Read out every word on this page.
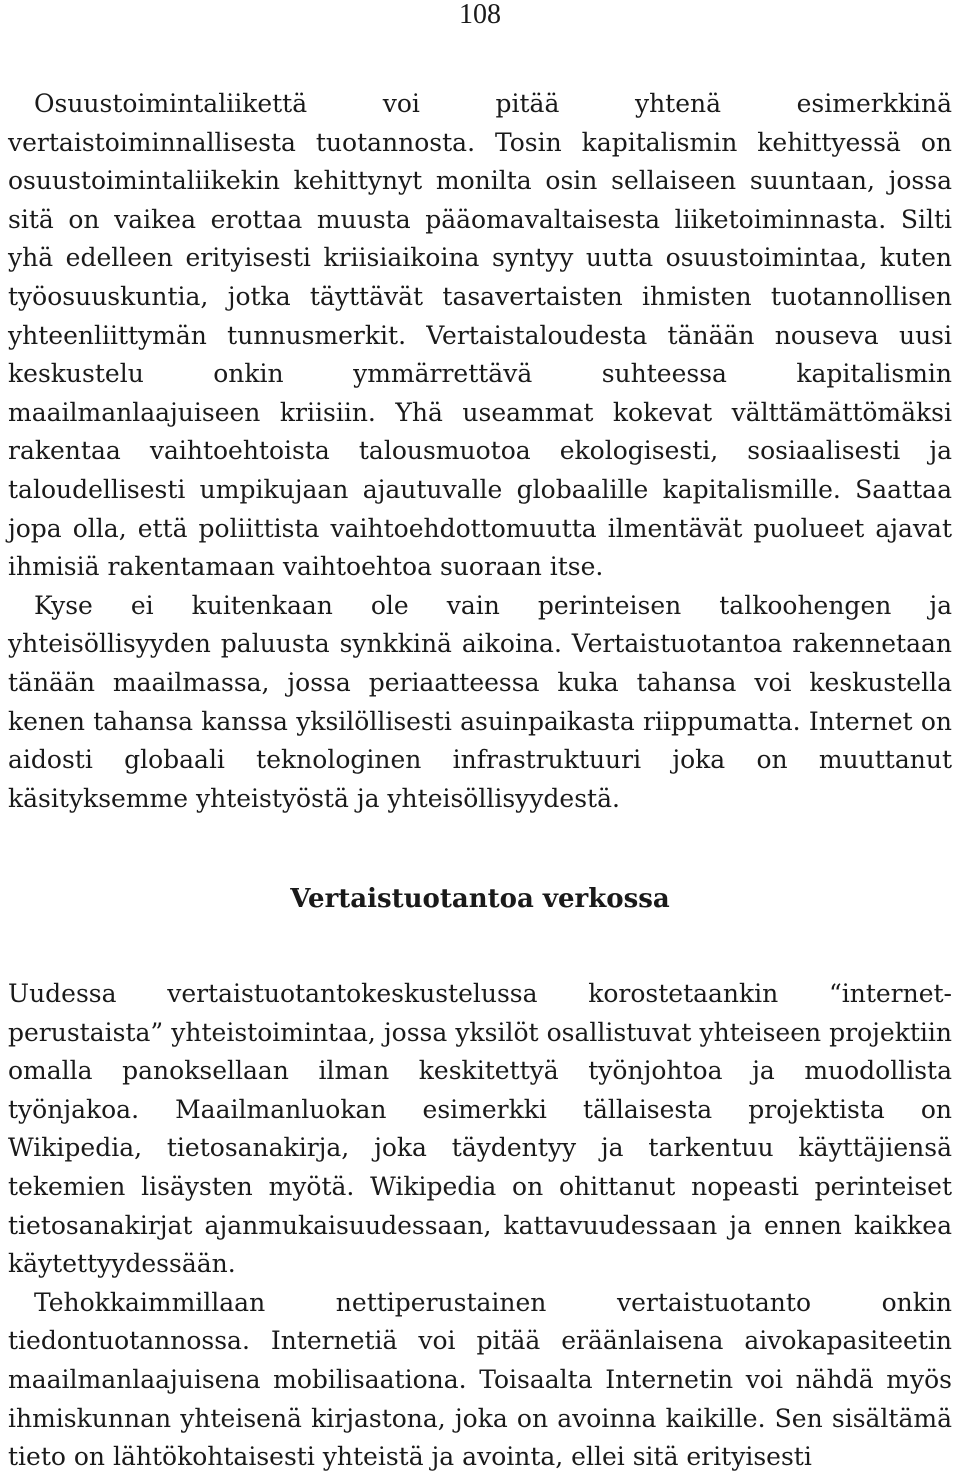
108

Osuustoimintaliikettä voi pitää yhtenä esimerkkinä vertaistoiminnallisesta tuotannosta. Tosin kapitalismin kehittyessä on osuustoimintaliikekin kehittynyt monilta osin sellaiseen suuntaan, jossa sitä on vaikea erottaa muusta pääomavaltaisesta liiketoiminnasta. Silti yhä edelleen erityisesti kriisiaikoina syntyy uutta osuustoimintaa, kuten työosuuskuntia, jotka täyttävät tasavertaisten ihmisten tuotannollisen yhteenliittymän tunnusmerkit. Vertaistaloudesta tänään nouseva uusi keskustelu onkin ymmärrettävä suhteessa kapitalismin maailmanlaajuiseen kriisiin. Yhä useammat kokevat välttämättömäksi rakentaa vaihtoehtoista talousmuotoa ekologisesti, sosiaalisesti ja taloudellisesti umpikujaan ajautuvalle globaalille kapitalismille. Saattaa jopa olla, että poliittista vaihtoehdottomuutta ilmentävät puolueet ajavat ihmisiä rakentamaan vaihtoehtoa suoraan itse.

Kyse ei kuitenkaan ole vain perinteisen talkoohengen ja yhteisöllisyyden paluusta synkkinä aikoina. Vertaistuotantoa rakennetaan tänään maailmassa, jossa periaatteessa kuka tahansa voi keskustella kenen tahansa kanssa yksilöllisesti asuinpaikasta riippumatta. Internet on aidosti globaali teknologinen infrastruktuuri joka on muuttanut käsityksemme yhteistyöstä ja yhteisöllisyydestä.

Vertaistuotantoa verkossa

Uudessa vertaistuotantokeskustelussa korostetaankin “internet-perustaista” yhteistoimintaa, jossa yksilöt osallistuvat yhteiseen projektiin omalla panoksellaan ilman keskitettyä työnjohtoa ja muodollista työnjakoa. Maailmanluokan esimerkki tällaisesta projektista on Wikipedia, tietosanakirja, joka täydentyy ja tarkentuu käyttäjiensä tekemien lisäysten myötä. Wikipedia on ohittanut nopeasti perinteiset tietosanakirjat ajanmukaisuudessaan, kattavuudessaan ja ennen kaikkea käytettyydessään.

Tehokkaimmillaan nettiperustainen vertaistuotanto onkin tiedontuotannossa. Internetiä voi pitää eräänlaisena aivokapasiteetin maailmanlaajuisena mobilisaationa. Toisaalta Internetin voi nähdä myös ihmiskunnan yhteisenä kirjastona, joka on avoinna kaikille. Sen sisältämä tieto on lähtökohtaisesti yhteistä ja avointa, ellei sitä erityisesti
